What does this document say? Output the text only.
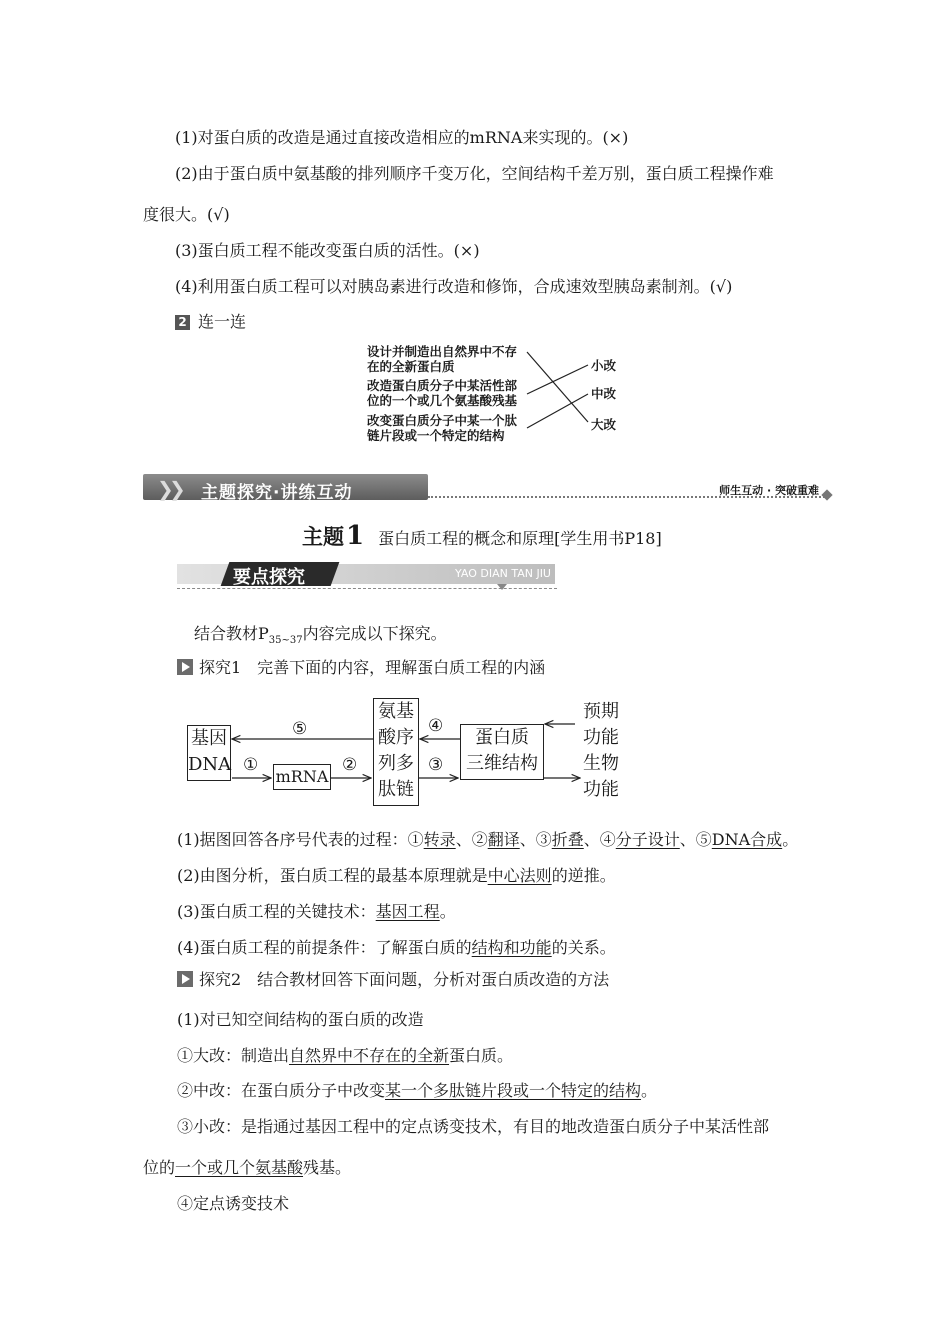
(1)对蛋白质的改造是通过直接改造相应的mRNA来实现的。(×)
(2)由于蛋白质中氨基酸的排列顺序千变万化，空间结构千差万别，蛋白质工程操作难
度很大。(√)
(3)蛋白质工程不能改变蛋白质的活性。(×)
(4)利用蛋白质工程可以对胰岛素进行改造和修饰，合成速效型胰岛素制剂。(√)
2 连一连
设计并制造出自然界中不存
在的全新蛋白质
改造蛋白质分子中某活性部
位的一个或几个氨基酸残基
改变蛋白质分子中某一个肽
链片段或一个特定的结构
小改
中改
大改
❯
❯ 主题探究·讲练互动	师生互动 · 突破重难
主题1 蛋白质工程的概念和原理[学生用书P18]
要点探究	YAO DIAN TAN JIU
结合教材$P_{35\sim 37}$内容完成以下探究。
探究1　完善下面的内容，理解蛋白质工程的内涵
基因
DNA
mRNA
氨基
酸序
列多
肽链
蛋白质
三维结构
预期
功能
生物
功能
⑤
①	②
④
③
(1)据图回答各序号代表的过程：①转录、②翻译、③折叠、④分子设计、⑤DNA合成。
(2)由图分析，蛋白质工程的最基本原理就是中心法则的逆推。
(3)蛋白质工程的关键技术：基因工程。
(4)蛋白质工程的前提条件：了解蛋白质的结构和功能的关系。
探究2　结合教材回答下面问题，分析对蛋白质改造的方法
(1)对已知空间结构的蛋白质的改造
①大改：制造出自然界中不存在的全新蛋白质。
②中改：在蛋白质分子中改变某一个多肽链片段或一个特定的结构。
③小改：是指通过基因工程中的定点诱变技术，有目的地改造蛋白质分子中某活性部
位的一个或几个氨基酸残基。
④定点诱变技术
